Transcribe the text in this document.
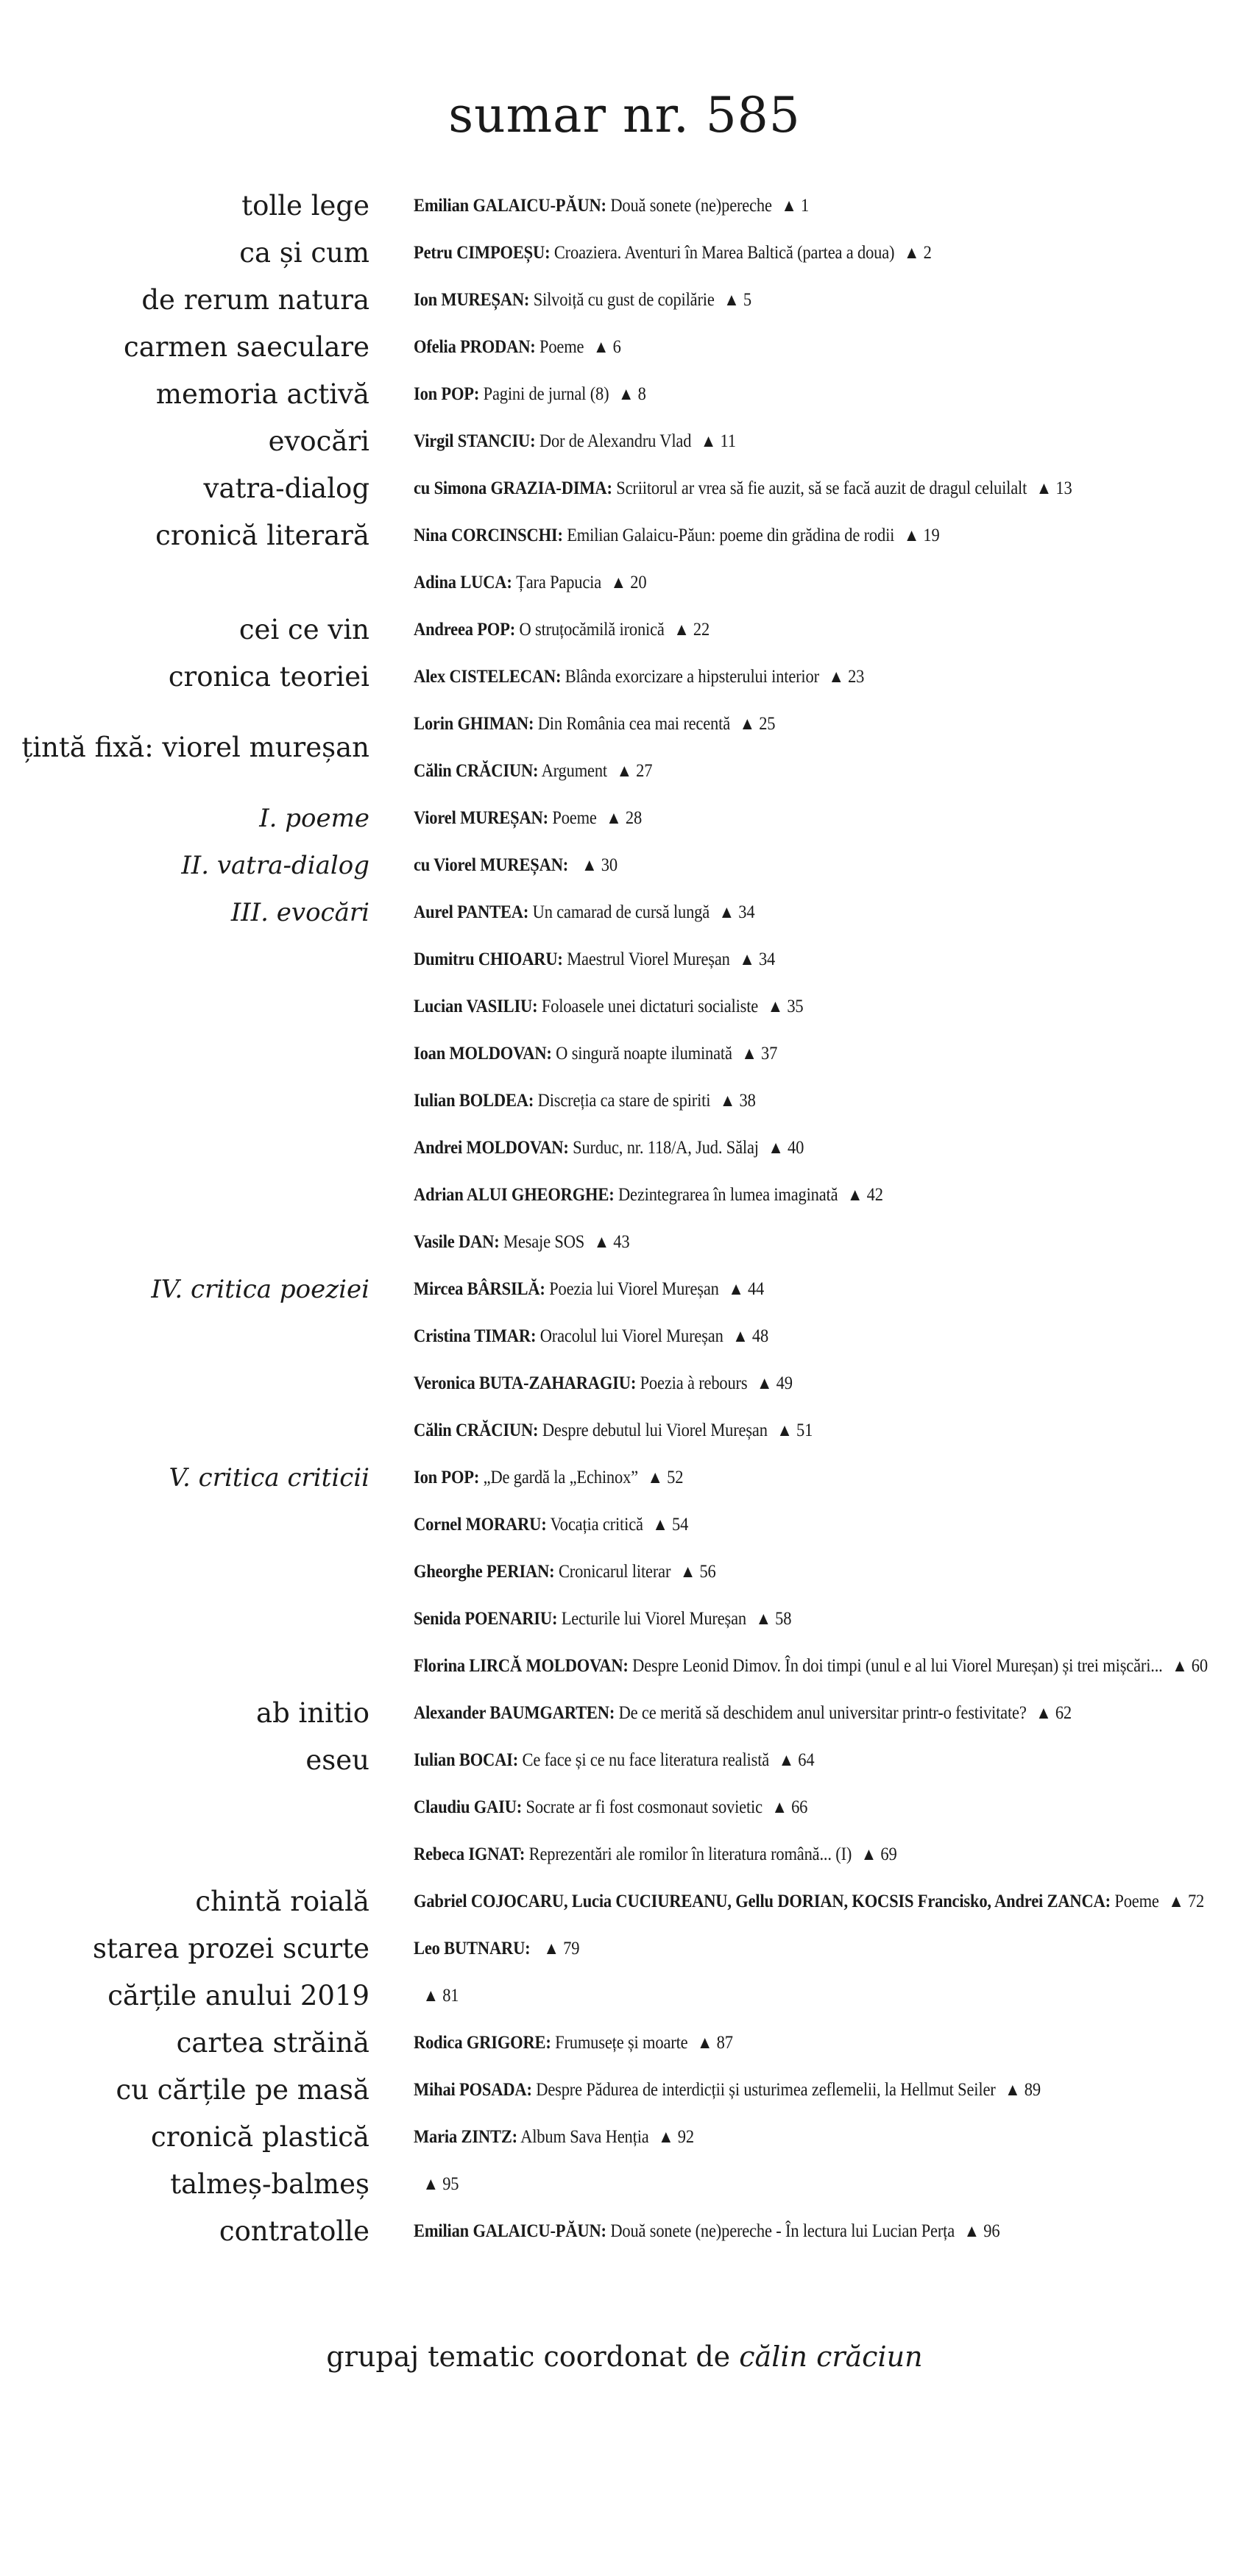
sumar nr. 585
tolle lege Emilian GALAICU-PĂUN: Două sonete (ne)pereche ▲ 1
ca și cum Petru CIMPOEȘU: Croaziera. Aventuri în Marea Baltică (partea a doua) ▲ 2
de rerum natura Ion MUREȘAN: Silvoiță cu gust de copilărie ▲ 5
carmen saeculare Ofelia PRODAN: Poeme ▲ 6
memoria activă Ion POP: Pagini de jurnal (8) ▲ 8
evocări Virgil STANCIU: Dor de Alexandru Vlad ▲ 11
vatra-dialog cu Simona GRAZIA-DIMA: Scriitorul ar vrea să fie auzit, să se facă auzit de dragul celuilalt ▲ 13
cronică literară Nina CORCINSCHI: Emilian Galaicu-Păun: poeme din grădina de rodii ▲ 19
Adina LUCA: Țara Papucia ▲ 20
cei ce vin Andreea POP: O struțocămilă ironică ▲ 22
cronica teoriei Alex CISTELECAN: Blânda exorcizare a hipsterului interior ▲ 23
țintă fixă: viorel mureșan
Lorin GHIMAN: Din România cea mai recentă ▲ 25
Călin CRĂCIUN: Argument ▲ 27
I. poeme Viorel MUREȘAN: Poeme ▲ 28
II. vatra-dialog cu Viorel MUREȘAN: ▲ 30
III. evocări Aurel PANTEA: Un camarad de cursă lungă ▲ 34
Dumitru CHIOARU: Maestrul Viorel Mureșan ▲ 34
Lucian VASILIU: Foloasele unei dictaturi socialiste ▲ 35
Ioan MOLDOVAN: O singură noapte iluminată ▲ 37
Iulian BOLDEA: Discreția ca stare de spiriti ▲ 38
Andrei MOLDOVAN: Surduc, nr. 118/A, Jud. Sălaj ▲ 40
Adrian ALUI GHEORGHE: Dezintegrarea în lumea imaginată ▲ 42
Vasile DAN: Mesaje SOS ▲ 43
IV. critica poeziei Mircea BÂRSILĂ: Poezia lui Viorel Mureșan ▲ 44
Cristina TIMAR: Oracolul lui Viorel Mureșan ▲ 48
Veronica BUTA-ZAHARAGIU: Poezia à rebours ▲ 49
Călin CRĂCIUN: Despre debutul lui Viorel Mureșan ▲ 51
V. critica criticii Ion POP: „De gardă la „Echinox” ▲ 52
Cornel MORARU: Vocația critică ▲ 54
Gheorghe PERIAN: Cronicarul literar ▲ 56
Senida POENARIU: Lecturile lui Viorel Mureșan ▲ 58
Florina LIRCĂ MOLDOVAN: Despre Leonid Dimov. În doi timpi (unul e al lui Viorel Mureșan) și trei mișcări... ▲ 60
ab initio Alexander BAUMGARTEN: De ce merită să deschidem anul universitar printr-o festivitate? ▲ 62
eseu Iulian BOCAI: Ce face și ce nu face literatura realistă ▲ 64
Claudiu GAIU: Socrate ar fi fost cosmonaut sovietic ▲ 66
Rebeca IGNAT: Reprezentări ale romilor în literatura română... (I) ▲ 69
chintă roială Gabriel COJOCARU, Lucia CUCIUREANU, Gellu DORIAN, KOCSIS Francisko, Andrei ZANCA: Poeme ▲ 72
starea prozei scurte Leo BUTNARU: ▲ 79
cărțile anului 2019	▲ 81
cartea străină Rodica GRIGORE: Frumusețe și moarte ▲ 87
cu cărțile pe masă Mihai POSADA: Despre Pădurea de interdicții și usturimea zeflemelii, la Hellmut Seiler ▲ 89
cronică plastică Maria ZINTZ: Album Sava Henția ▲ 92
talmeș-balmeș	▲ 95
contratolle Emilian GALAICU-PĂUN: Două sonete (ne)pereche - În lectura lui Lucian Perța ▲ 96
grupaj tematic coordonat de călin crăciun
